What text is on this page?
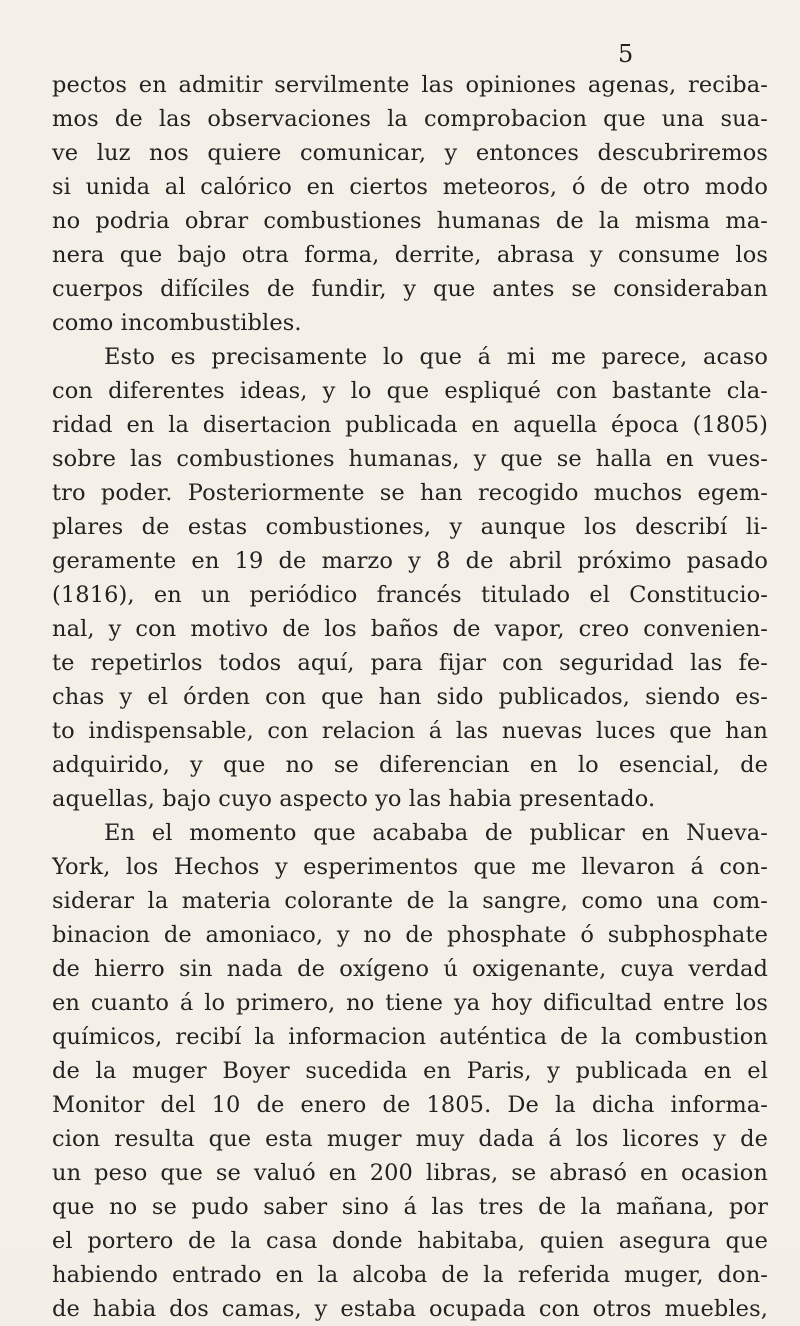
5
pectos en admitir servilmente las opiniones agenas, reciba-
mos de las observaciones la comprobacion que una sua-
ve luz nos quiere comunicar, y entonces descubriremos
si unida al calórico en ciertos meteoros, ó de otro modo
no podria obrar combustiones humanas de la misma ma-
nera que bajo otra forma, derrite, abrasa y consume los
cuerpos difíciles de fundir, y que antes se consideraban
como incombustibles.
Esto es precisamente lo que á mi me parece, acaso
con diferentes ideas, y lo que espliqué con bastante cla-
ridad en la disertacion publicada en aquella época (1805)
sobre las combustiones humanas, y que se halla en vues-
tro poder. Posteriormente se han recogido muchos egem-
plares de estas combustiones, y aunque los describí li-
geramente en 19 de marzo y 8 de abril próximo pasado
(1816), en un periódico francés titulado el Constitucio-
nal, y con motivo de los baños de vapor, creo convenien-
te repetirlos todos aquí, para fijar con seguridad las fe-
chas y el órden con que han sido publicados, siendo es-
to indispensable, con relacion á las nuevas luces que han
adquirido, y que no se diferencian en lo esencial, de
aquellas, bajo cuyo aspecto yo las habia presentado.
En el momento que acababa de publicar en Nueva-
York, los Hechos y esperimentos que me llevaron á con-
siderar la materia colorante de la sangre, como una com-
binacion de amoniaco, y no de phosphate ó subphosphate
de hierro sin nada de oxígeno ú oxigenante, cuya verdad
en cuanto á lo primero, no tiene ya hoy dificultad entre los
químicos, recibí la informacion auténtica de la combustion
de la muger Boyer sucedida en Paris, y publicada en el
Monitor del 10 de enero de 1805. De la dicha informa-
cion resulta que esta muger muy dada á los licores y de
un peso que se valuó en 200 libras, se abrasó en ocasion
que no se pudo saber sino á las tres de la mañana, por
el portero de la casa donde habitaba, quien asegura que
habiendo entrado en la alcoba de la referida muger, don-
de habia dos camas, y estaba ocupada con otros muebles,
